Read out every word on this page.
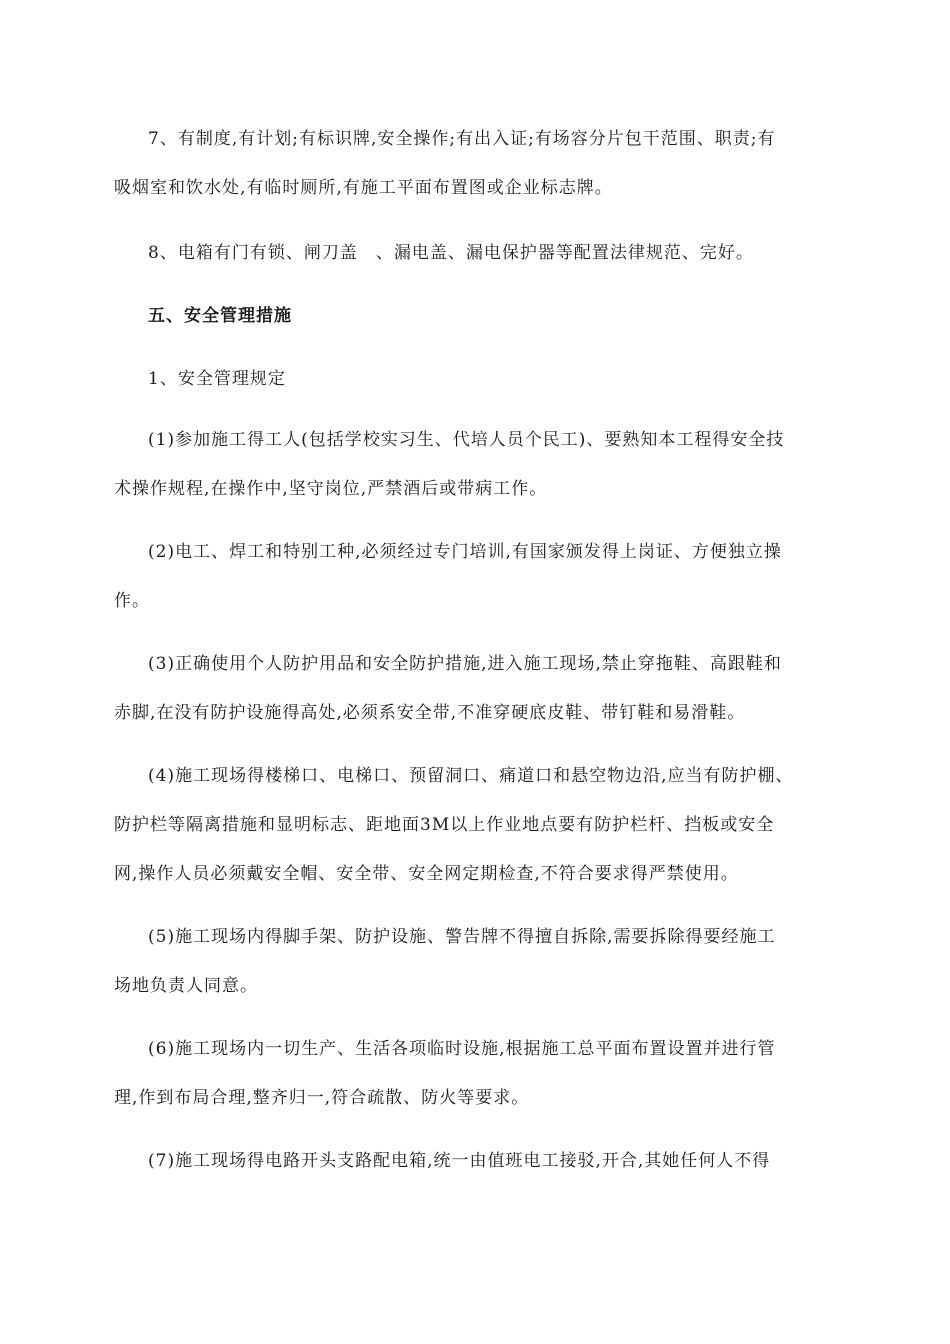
7、有制度,有计划;有标识牌,安全操作;有出入证;有场容分片包干范围、职责;有
吸烟室和饮水处,有临时厕所,有施工平面布置图或企业标志牌。
8、电箱有门有锁、闸刀盖　、漏电盖、漏电保护器等配置法律规范、完好。
五、安全管理措施
1、安全管理规定
(1)参加施工得工人(包括学校实习生、代培人员个民工)、要熟知本工程得安全技
术操作规程,在操作中,坚守岗位,严禁酒后或带病工作。
(2)电工、焊工和特别工种,必须经过专门培训,有国家颁发得上岗证、方便独立操
作。
(3)正确使用个人防护用品和安全防护措施,进入施工现场,禁止穿拖鞋、高跟鞋和
赤脚,在没有防护设施得高处,必须系安全带,不准穿硬底皮鞋、带钉鞋和易滑鞋。
(4)施工现场得楼梯口、电梯口、预留洞口、痛道口和悬空物边沿,应当有防护棚、
防护栏等隔离措施和显明标志、距地面3M以上作业地点要有防护栏杆、挡板或安全
网,操作人员必须戴安全帽、安全带、安全网定期检查,不符合要求得严禁使用。
(5)施工现场内得脚手架、防护设施、警告牌不得擅自拆除,需要拆除得要经施工
场地负责人同意。
(6)施工现场内一切生产、生活各项临时设施,根据施工总平面布置设置并进行管
理,作到布局合理,整齐归一,符合疏散、防火等要求。
(7)施工现场得电路开头支路配电箱,统一由值班电工接驳,开合,其她任何人不得
